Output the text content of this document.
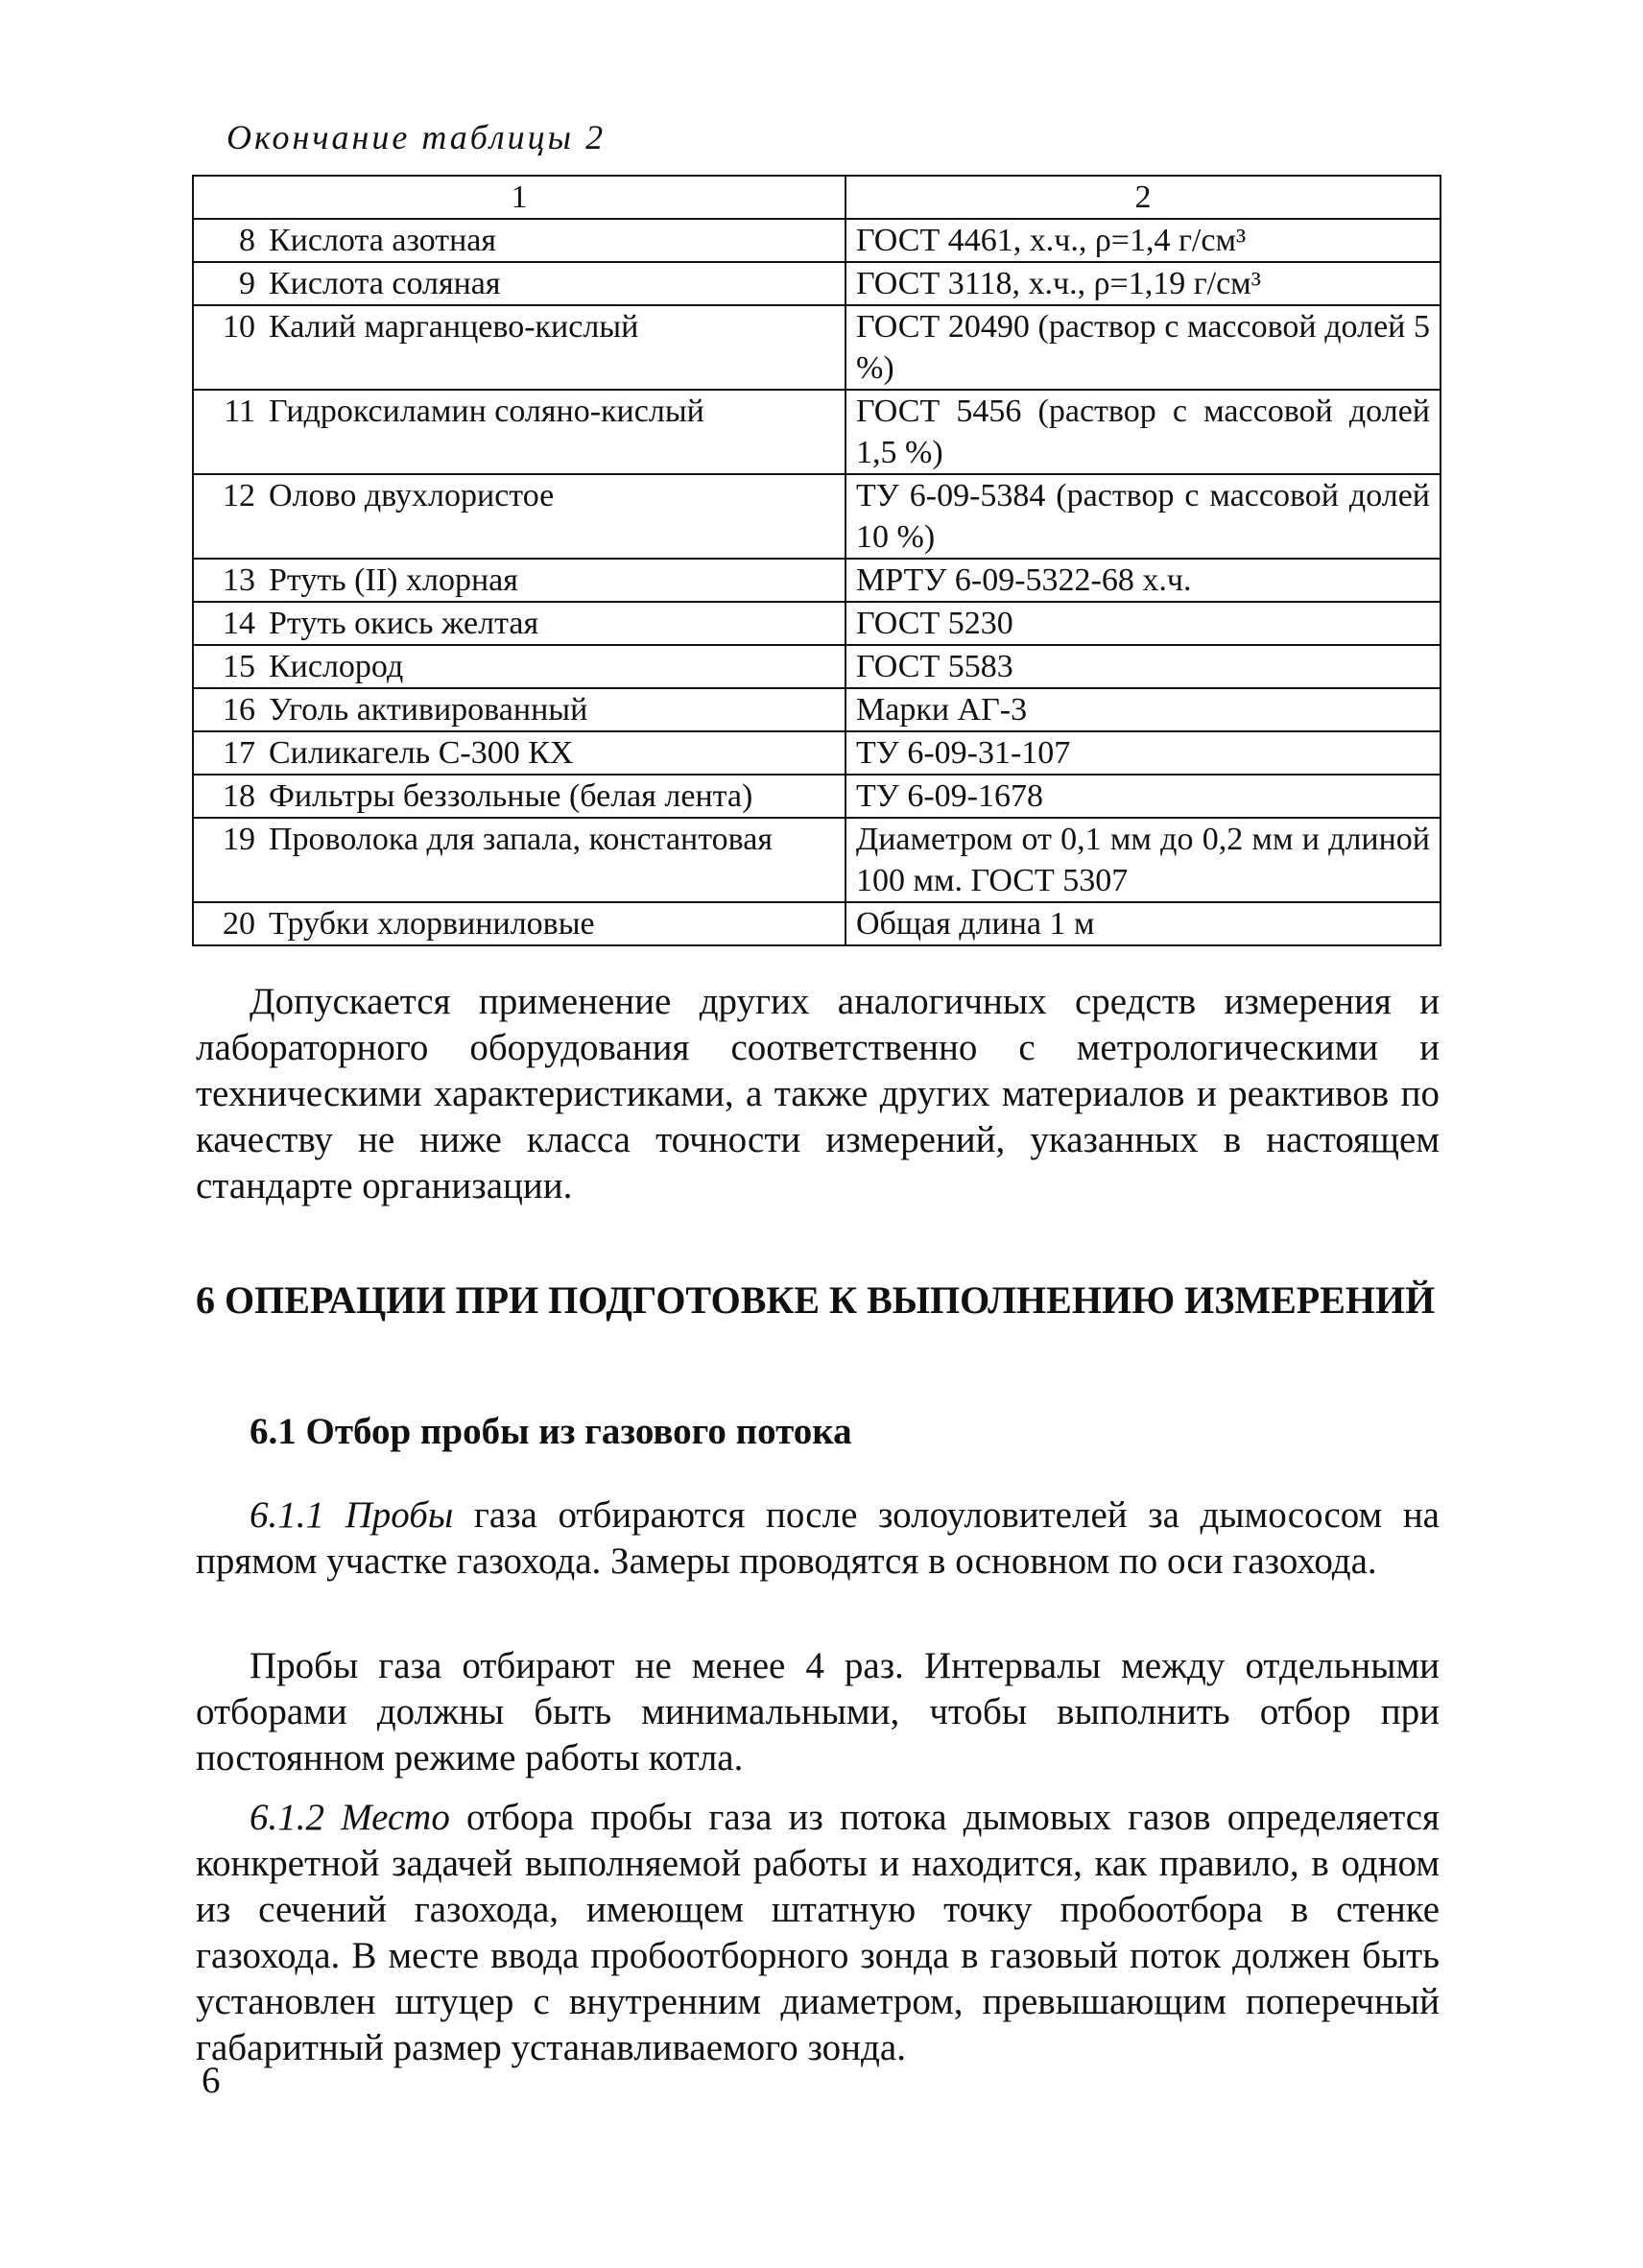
Окончание таблицы 2

1	2
8 Кислота азотная	ГОСТ 4461, х.ч., ρ=1,4 г/см³
9 Кислота соляная	ГОСТ 3118, х.ч., ρ=1,19 г/см³
10 Калий марганцево-кислый	ГОСТ 20490 (раствор с массовой долей 5 %)
11 Гидроксиламин соляно-кислый	ГОСТ 5456 (раствор с массовой долей 1,5 %)
12 Олово двухлористое	ТУ 6-09-5384 (раствор с массовой долей 10 %)
13 Ртуть (II) хлорная	МРТУ 6-09-5322-68 х.ч.
14 Ртуть окись желтая	ГОСТ 5230
15 Кислород	ГОСТ 5583
16 Уголь активированный	Марки АГ-3
17 Силикагель С-300 КХ	ТУ 6-09-31-107
18 Фильтры беззольные (белая лента)	ТУ 6-09-1678
19 Проволока для запала, константовая	Диаметром от 0,1 мм до 0,2 мм и длиной 100 мм. ГОСТ 5307
20 Трубки хлорвиниловые	Общая длина 1 м

Допускается применение других аналогичных средств измерения и лабораторного оборудования соответственно с метрологическими и техническими характеристиками, а также других материалов и реактивов по качеству не ниже класса точности измерений, указанных в настоящем стандарте организации.

6 ОПЕРАЦИИ ПРИ ПОДГОТОВКЕ К ВЫПОЛНЕНИЮ ИЗМЕРЕНИЙ
6.1 Отбор пробы из газового потока

6.1.1 Пробы газа отбираются после золоуловителей за дымососом на прямом участке газохода. Замеры проводятся в основном по оси газохода.

Пробы газа отбирают не менее 4 раз. Интервалы между отдельными отборами должны быть минимальными, чтобы выполнить отбор при постоянном режиме работы котла.

6.1.2 Место отбора пробы газа из потока дымовых газов определяется конкретной задачей выполняемой работы и находится, как правило, в одном из сечений газохода, имеющем штатную точку пробоотбора в стенке газохода. В месте ввода пробоотборного зонда в газовый поток должен быть установлен штуцер с внутренним диаметром, превышающим поперечный габаритный размер устанавливаемого зонда.

6
